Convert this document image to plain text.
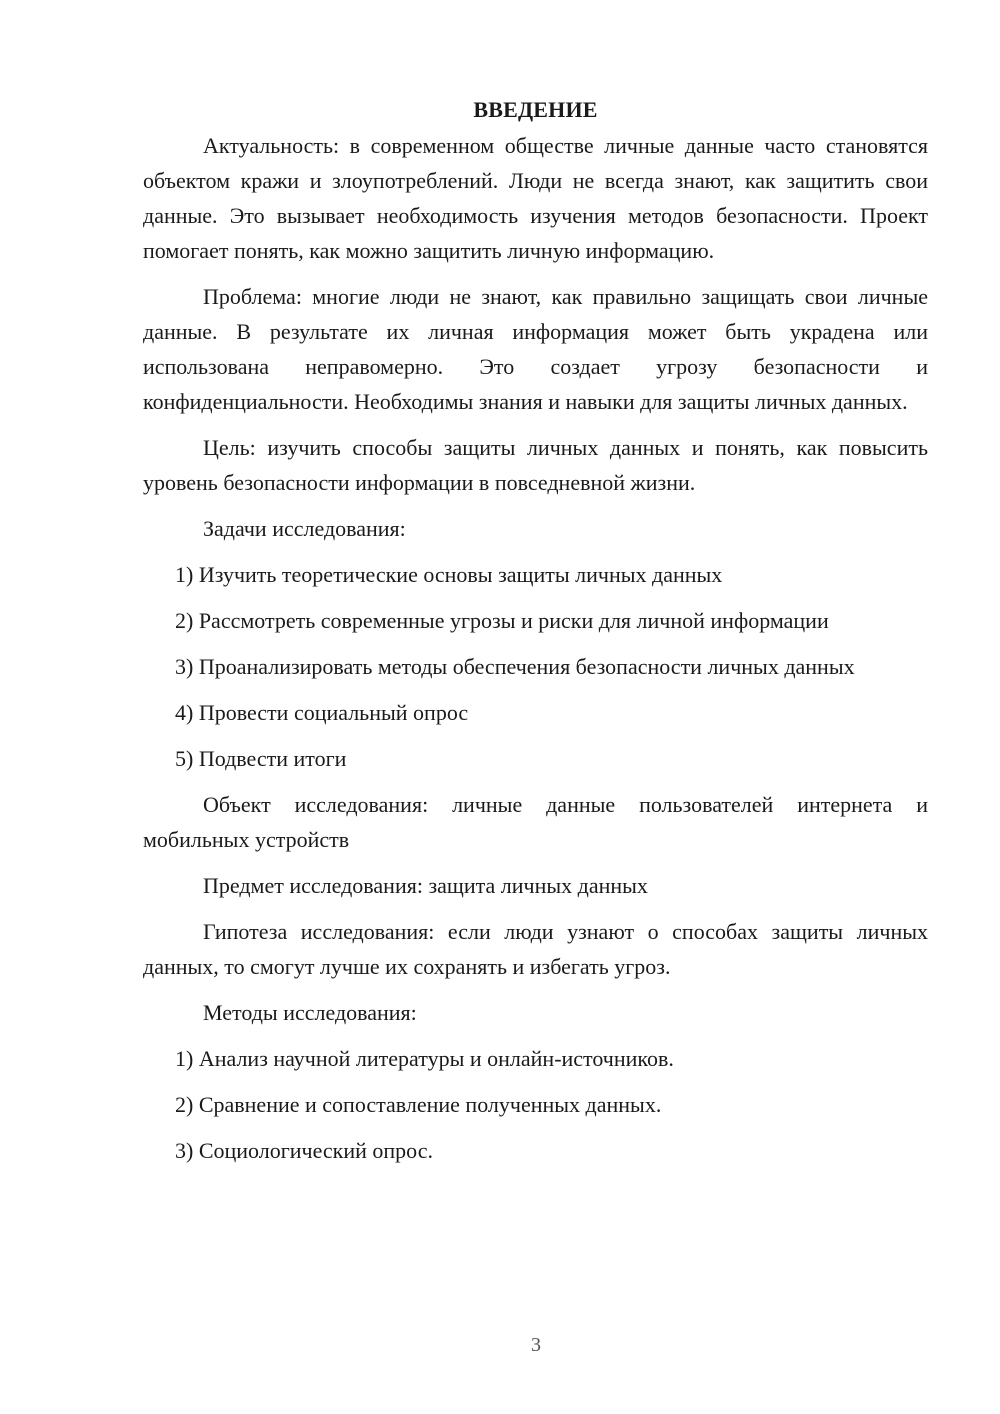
ВВЕДЕНИЕ

Актуальность: в современном обществе личные данные часто становятся объектом кражи и злоупотреблений. Люди не всегда знают, как защитить свои данные. Это вызывает необходимость изучения методов безопасности. Проект помогает понять, как можно защитить личную информацию.

Проблема: многие люди не знают, как правильно защищать свои личные данные. В результате их личная информация может быть украдена или использована неправомерно. Это создает угрозу безопасности и конфиденциальности. Необходимы знания и навыки для защиты личных данных.

Цель: изучить способы защиты личных данных и понять, как повысить уровень безопасности информации в повседневной жизни.

Задачи исследования:

1) Изучить теоретические основы защиты личных данных

2) Рассмотреть современные угрозы и риски для личной информации

3) Проанализировать методы обеспечения безопасности личных данных

4) Провести социальный опрос

5) Подвести итоги

Объект исследования: личные данные пользователей интернета и мобильных устройств

Предмет исследования: защита личных данных

Гипотеза исследования: если люди узнают о способах защиты личных данных, то смогут лучше их сохранять и избегать угроз.

Методы исследования:

1) Анализ научной литературы и онлайн-источников.

2) Сравнение и сопоставление полученных данных.

3) Социологический опрос.

3
